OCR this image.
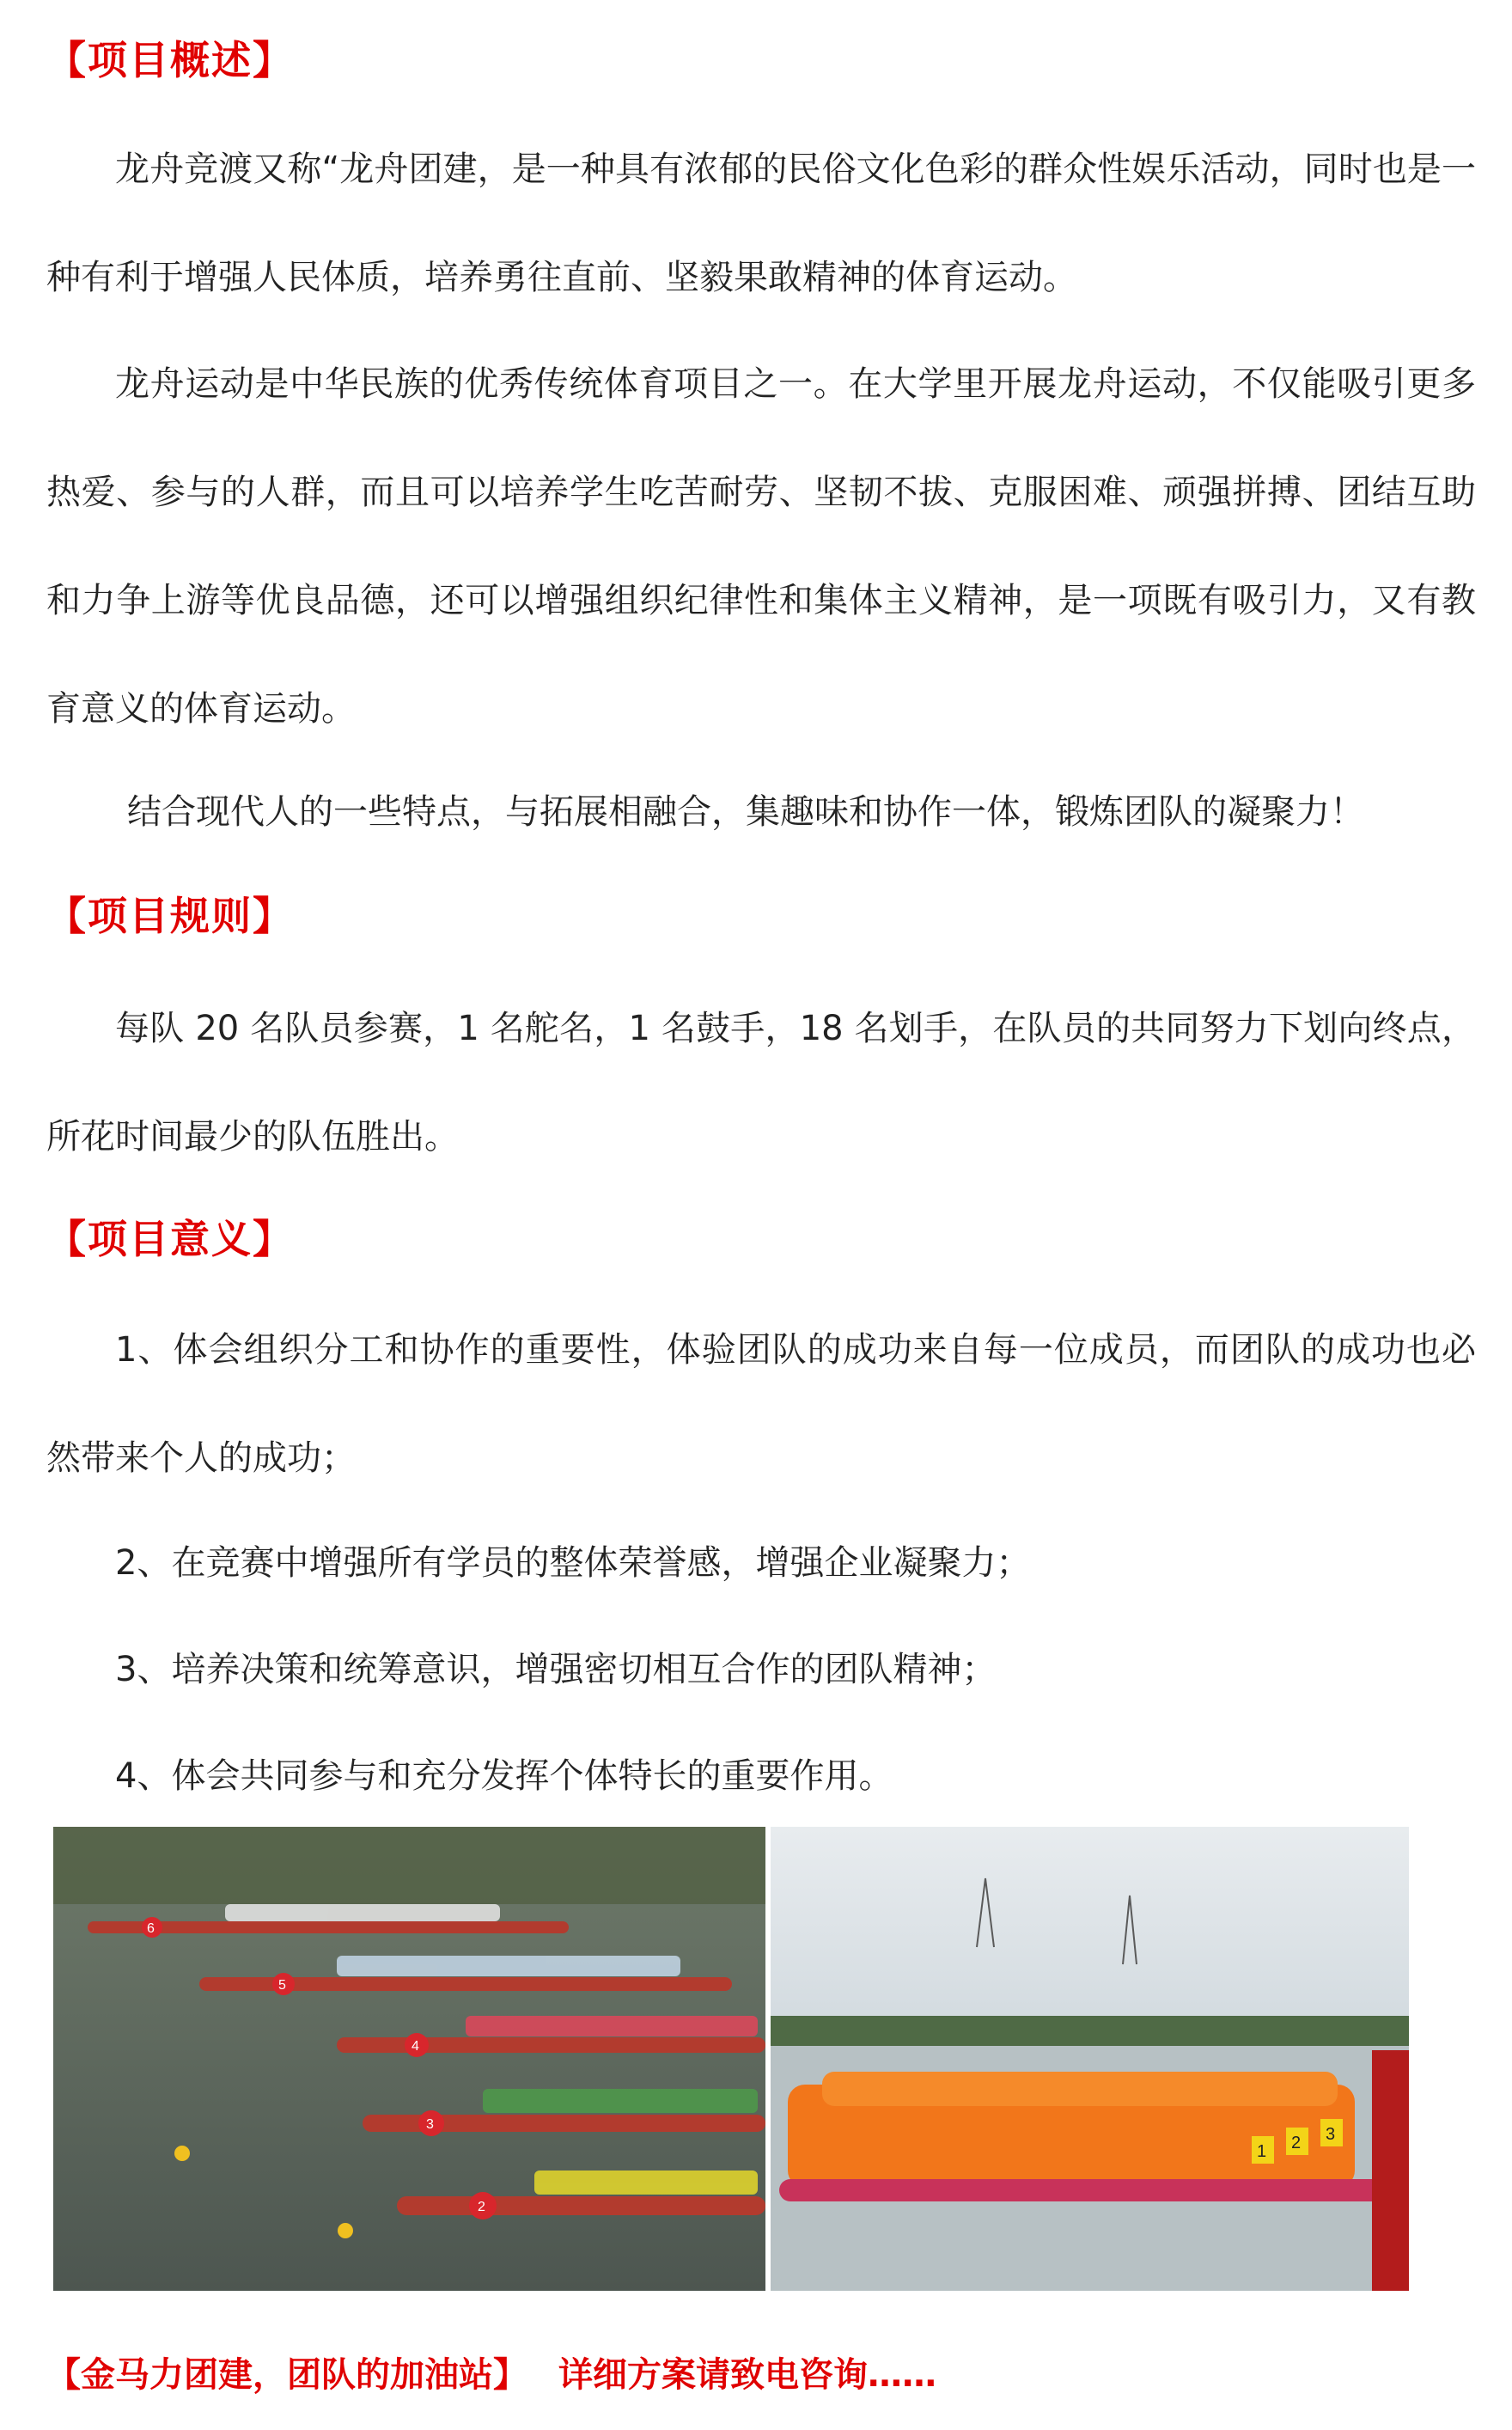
【项目概述】
龙舟竞渡又称“龙舟团建，是一种具有浓郁的民俗文化色彩的群众性娱乐活动，同时也是一种有利于增强人民体质，培养勇往直前、坚毅果敢精神的体育运动。
龙舟运动是中华民族的优秀传统体育项目之一。在大学里开展龙舟运动，不仅能吸引更多热爱、参与的人群，而且可以培养学生吃苦耐劳、坚韧不拔、克服困难、顽强拼搏、团结互助和力争上游等优良品德，还可以增强组织纪律性和集体主义精神，是一项既有吸引力，又有教育意义的体育运动。
结合现代人的一些特点，与拓展相融合，集趣味和协作一体，锻炼团队的凝聚力！
【项目规则】
每队 20 名队员参赛，1 名舵名，1 名鼓手，18 名划手，在队员的共同努力下划向终点，所花时间最少的队伍胜出。
【项目意义】
1、体会组织分工和协作的重要性，体验团队的成功来自每一位成员，而团队的成功也必然带来个人的成功；
2、在竞赛中增强所有学员的整体荣誉感，增强企业凝聚力；
3、培养决策和统筹意识，增强密切相互合作的团队精神；
4、体会共同参与和充分发挥个体特长的重要作用。
6
5
4
3
2
1 2 3
【金马力团建，团队的加油站】 详细方案请致电咨询……
